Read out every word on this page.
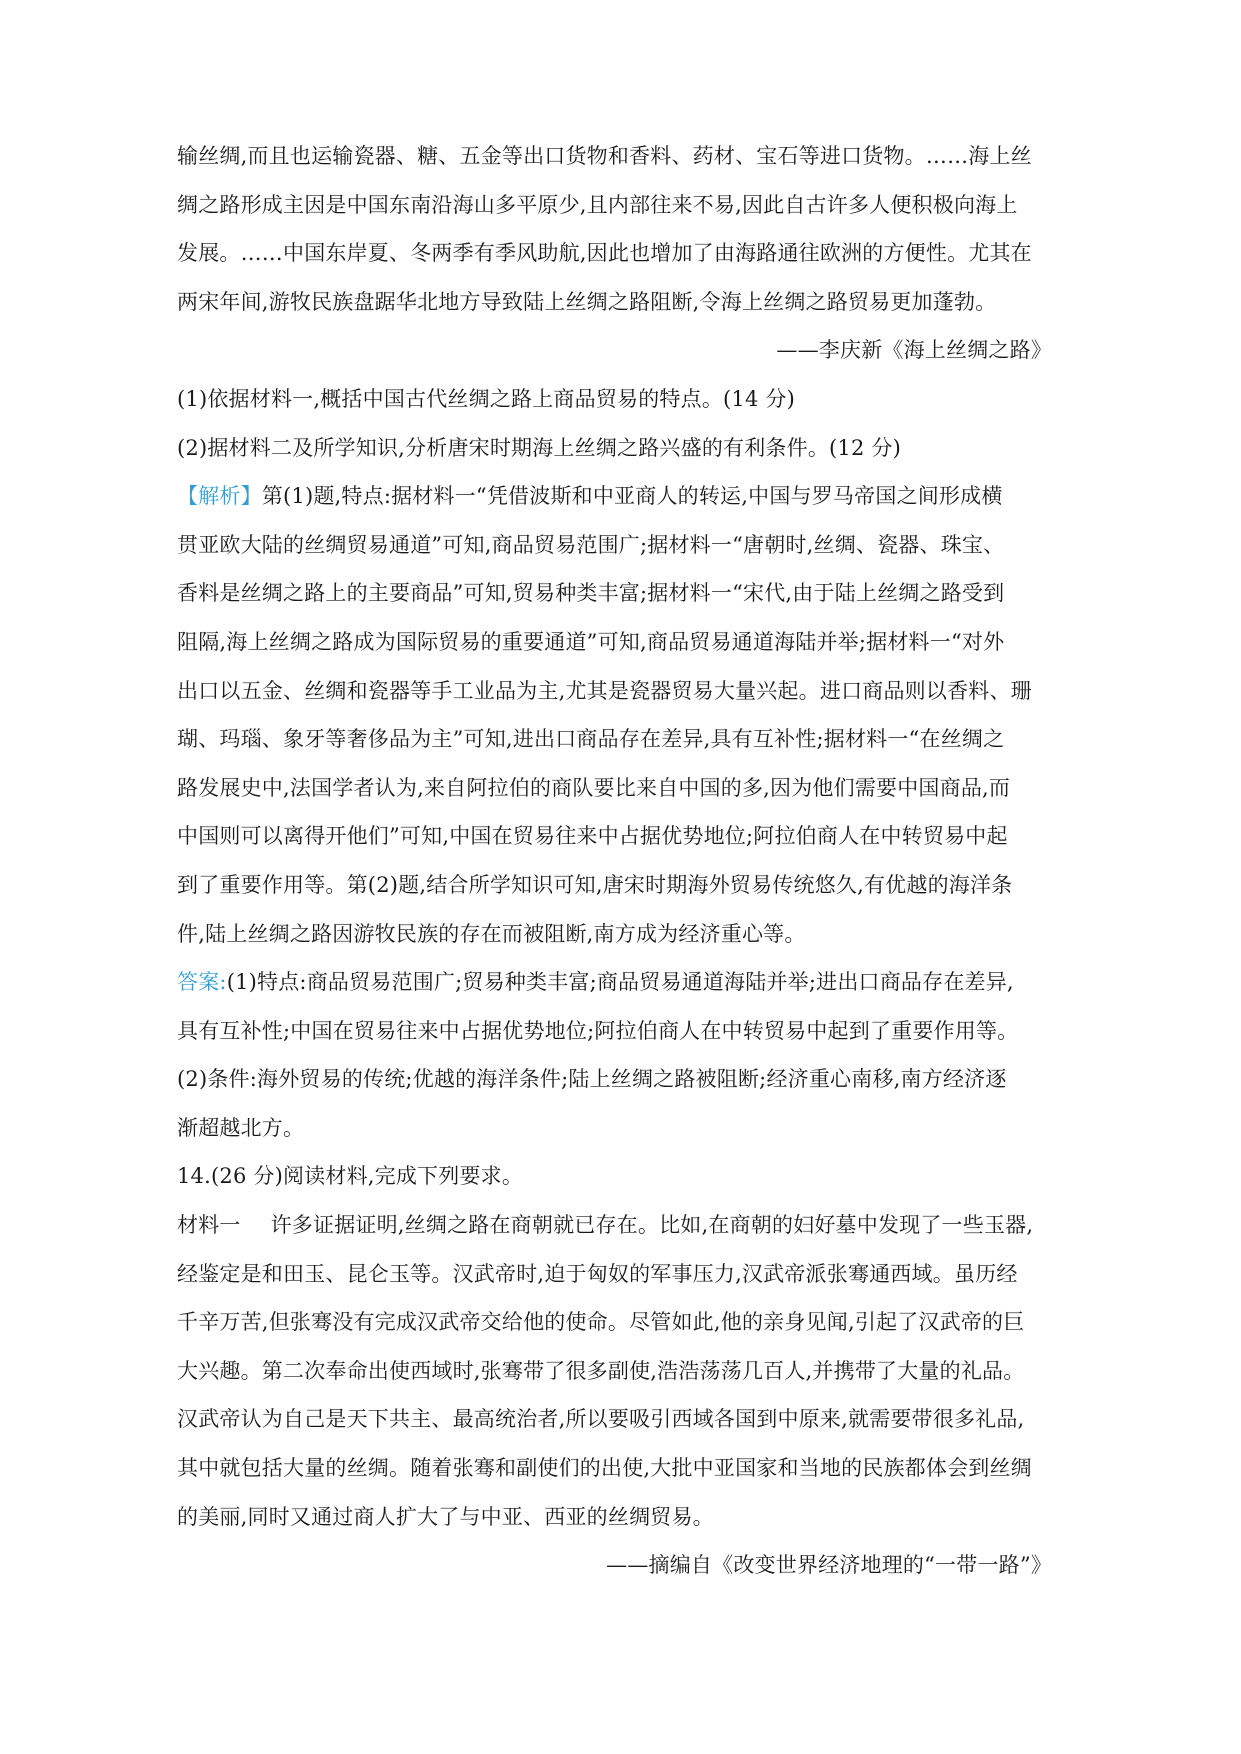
输丝绸,而且也运输瓷器、糖、五金等出口货物和香料、药材、宝石等进口货物。……海上丝

绸之路形成主因是中国东南沿海山多平原少,且内部往来不易,因此自古许多人便积极向海上

发展。……中国东岸夏、冬两季有季风助航,因此也增加了由海路通往欧洲的方便性。尤其在

两宋年间,游牧民族盘踞华北地方导致陆上丝绸之路阻断,令海上丝绸之路贸易更加蓬勃。

——李庆新《海上丝绸之路》

(1)依据材料一,概括中国古代丝绸之路上商品贸易的特点。(14 分)

(2)据材料二及所学知识,分析唐宋时期海上丝绸之路兴盛的有利条件。(12 分)

【解析】第(1)题,特点:据材料一“凭借波斯和中亚商人的转运,中国与罗马帝国之间形成横

贯亚欧大陆的丝绸贸易通道”可知,商品贸易范围广;据材料一“唐朝时,丝绸、瓷器、珠宝、

香料是丝绸之路上的主要商品”可知,贸易种类丰富;据材料一“宋代,由于陆上丝绸之路受到

阻隔,海上丝绸之路成为国际贸易的重要通道”可知,商品贸易通道海陆并举;据材料一“对外

出口以五金、丝绸和瓷器等手工业品为主,尤其是瓷器贸易大量兴起。进口商品则以香料、珊

瑚、玛瑙、象牙等奢侈品为主”可知,进出口商品存在差异,具有互补性;据材料一“在丝绸之

路发展史中,法国学者认为,来自阿拉伯的商队要比来自中国的多,因为他们需要中国商品,而

中国则可以离得开他们”可知,中国在贸易往来中占据优势地位;阿拉伯商人在中转贸易中起

到了重要作用等。第(2)题,结合所学知识可知,唐宋时期海外贸易传统悠久,有优越的海洋条

件,陆上丝绸之路因游牧民族的存在而被阻断,南方成为经济重心等。

答案:(1)特点:商品贸易范围广;贸易种类丰富;商品贸易通道海陆并举;进出口商品存在差异,

具有互补性;中国在贸易往来中占据优势地位;阿拉伯商人在中转贸易中起到了重要作用等。

(2)条件:海外贸易的传统;优越的海洋条件;陆上丝绸之路被阻断;经济重心南移,南方经济逐

渐超越北方。

14.(26 分)阅读材料,完成下列要求。

材料一 许多证据证明,丝绸之路在商朝就已存在。比如,在商朝的妇好墓中发现了一些玉器,

经鉴定是和田玉、昆仑玉等。汉武帝时,迫于匈奴的军事压力,汉武帝派张骞通西域。虽历经

千辛万苦,但张骞没有完成汉武帝交给他的使命。尽管如此,他的亲身见闻,引起了汉武帝的巨

大兴趣。第二次奉命出使西域时,张骞带了很多副使,浩浩荡荡几百人,并携带了大量的礼品。

汉武帝认为自己是天下共主、最高统治者,所以要吸引西域各国到中原来,就需要带很多礼品,

其中就包括大量的丝绸。随着张骞和副使们的出使,大批中亚国家和当地的民族都体会到丝绸

的美丽,同时又通过商人扩大了与中亚、西亚的丝绸贸易。

——摘编自《改变世界经济地理的“一带一路”》
